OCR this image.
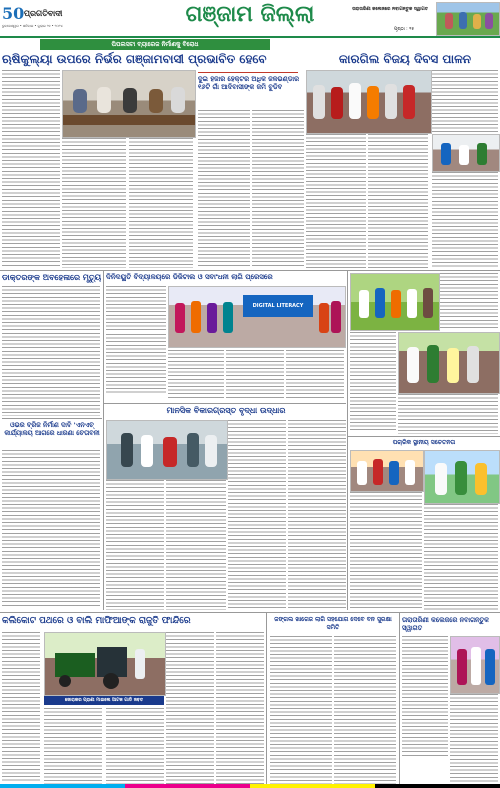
50 ପ୍ରଗତିବାଦୀ
ଭୁବନେଶ୍ୱର • ଶନିବାର • ଜୁଲାଇ ୨୭ • ୨୦୨୪	ଗଞ୍ଜାମ ଜିଲ୍ଲା
ପୃଷ୍ଠା : ୧୫
ତାରାତାରିଣୀ କଲେଜରେ ନବାଗନ୍ତୁକ ସ୍ୱାଗତ
ପିପଲସଟା ବ୍ୟାରେଜ ନିର୍ମାଣକୁ ବିରୋଧ
ଋଷିକୁଲ୍ୟା ଉପରେ ନିର୍ଭର ଗଞ୍ଜାମବାସୀ ପ୍ରଭାବିତ ହେବେ
ଦୁଇ ହଜାର ହେକ୍ଟର ଅଧିକ ଜଳଭଣ୍ଡାର ୧୬ଟି ଗାଁ ଆଦିବାସୀଙ୍କ ଜମି ବୁଡିବ
କାରଗିଲ ବିଜୟ ଦିବସ ପାଳନ
ଡାକ୍ତରଙ୍କ ଅବହେଳାରେ ମୃତ୍ୟୁ
ଓଭର ବ୍ରିଜ ନିର୍ମାଣ ଦାବି 'ଏନଏଚ୍ କାର୍ଯ୍ୟାଳୟ ଆଗରେ ଧାରଣା ଚେତାବନୀ
ଦିନିଦୟୁତି ବିଦ୍ୟାଳୟରେ ଡିଜିଟାଲ ଓ ସବାଂଧନୀ ଲାଗି ପ୍ରେସରେ
DIGITAL LITERACY
ମାନସିକ ବିକାରଗ୍ରସ୍ତ ବୃଦ୍ଧା ଉଦ୍ଧାର
ପଚାରିକ ସ୍ଥାନୀୟ ସଚେତନତା
କଲିକୋଟ ପଥରେ ଓ ବାଲି ମାଫିଆଙ୍କ ରାଜୁତି ଫାନ୍ଦିରେ
ଜୋରାକର ପ୍ରାଣୀ ମାଇଲେ ଆଟକ ଗାଡି ଜବତ
ଜଙ୍ଗଲ ଖାଗେଜ ଲାଗି ସହଯୋଗ ଦେବେ ବନ ସୁରକ୍ଷା ସମିତି
ତାରାତାରିଣୀ କଲେଜରେ ନବାଗନ୍ତୁକ ସ୍ୱାଗତ
